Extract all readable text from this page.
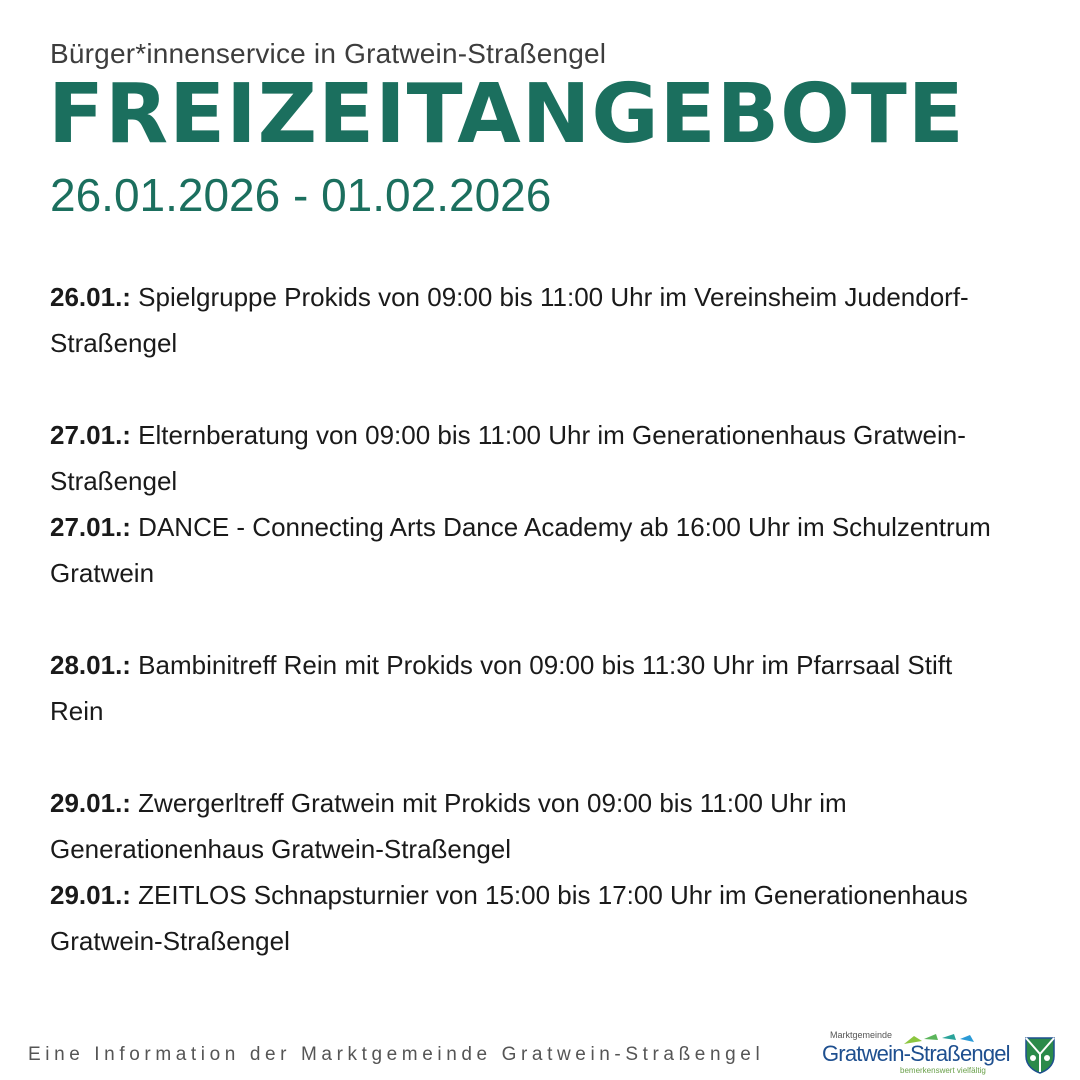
Bürger*innenservice in Gratwein-Straßengel
FREIZEITANGEBOTE
26.01.2026 - 01.02.2026

26.01.: Spielgruppe Prokids von 09:00 bis 11:00 Uhr im Vereinsheim Judendorf-Straßengel

27.01.: Elternberatung von 09:00 bis 11:00 Uhr im Generationenhaus Gratwein-Straßengel

27.01.: DANCE - Connecting Arts Dance Academy ab 16:00 Uhr im Schulzentrum Gratwein

28.01.: Bambinitreff Rein mit Prokids von 09:00 bis 11:30 Uhr im Pfarrsaal Stift Rein

29.01.: Zwergerltreff Gratwein mit Prokids von 09:00 bis 11:00 Uhr im Generationenhaus Gratwein-Straßengel

29.01.: ZEITLOS Schnapsturnier von 15:00 bis 17:00 Uhr im Generationenhaus Gratwein-Straßengel

Eine Information der Marktgemeinde Gratwein-Straßengel
Marktgemeinde
Gratwein-Straßengel
bemerkenswert vielfältig
